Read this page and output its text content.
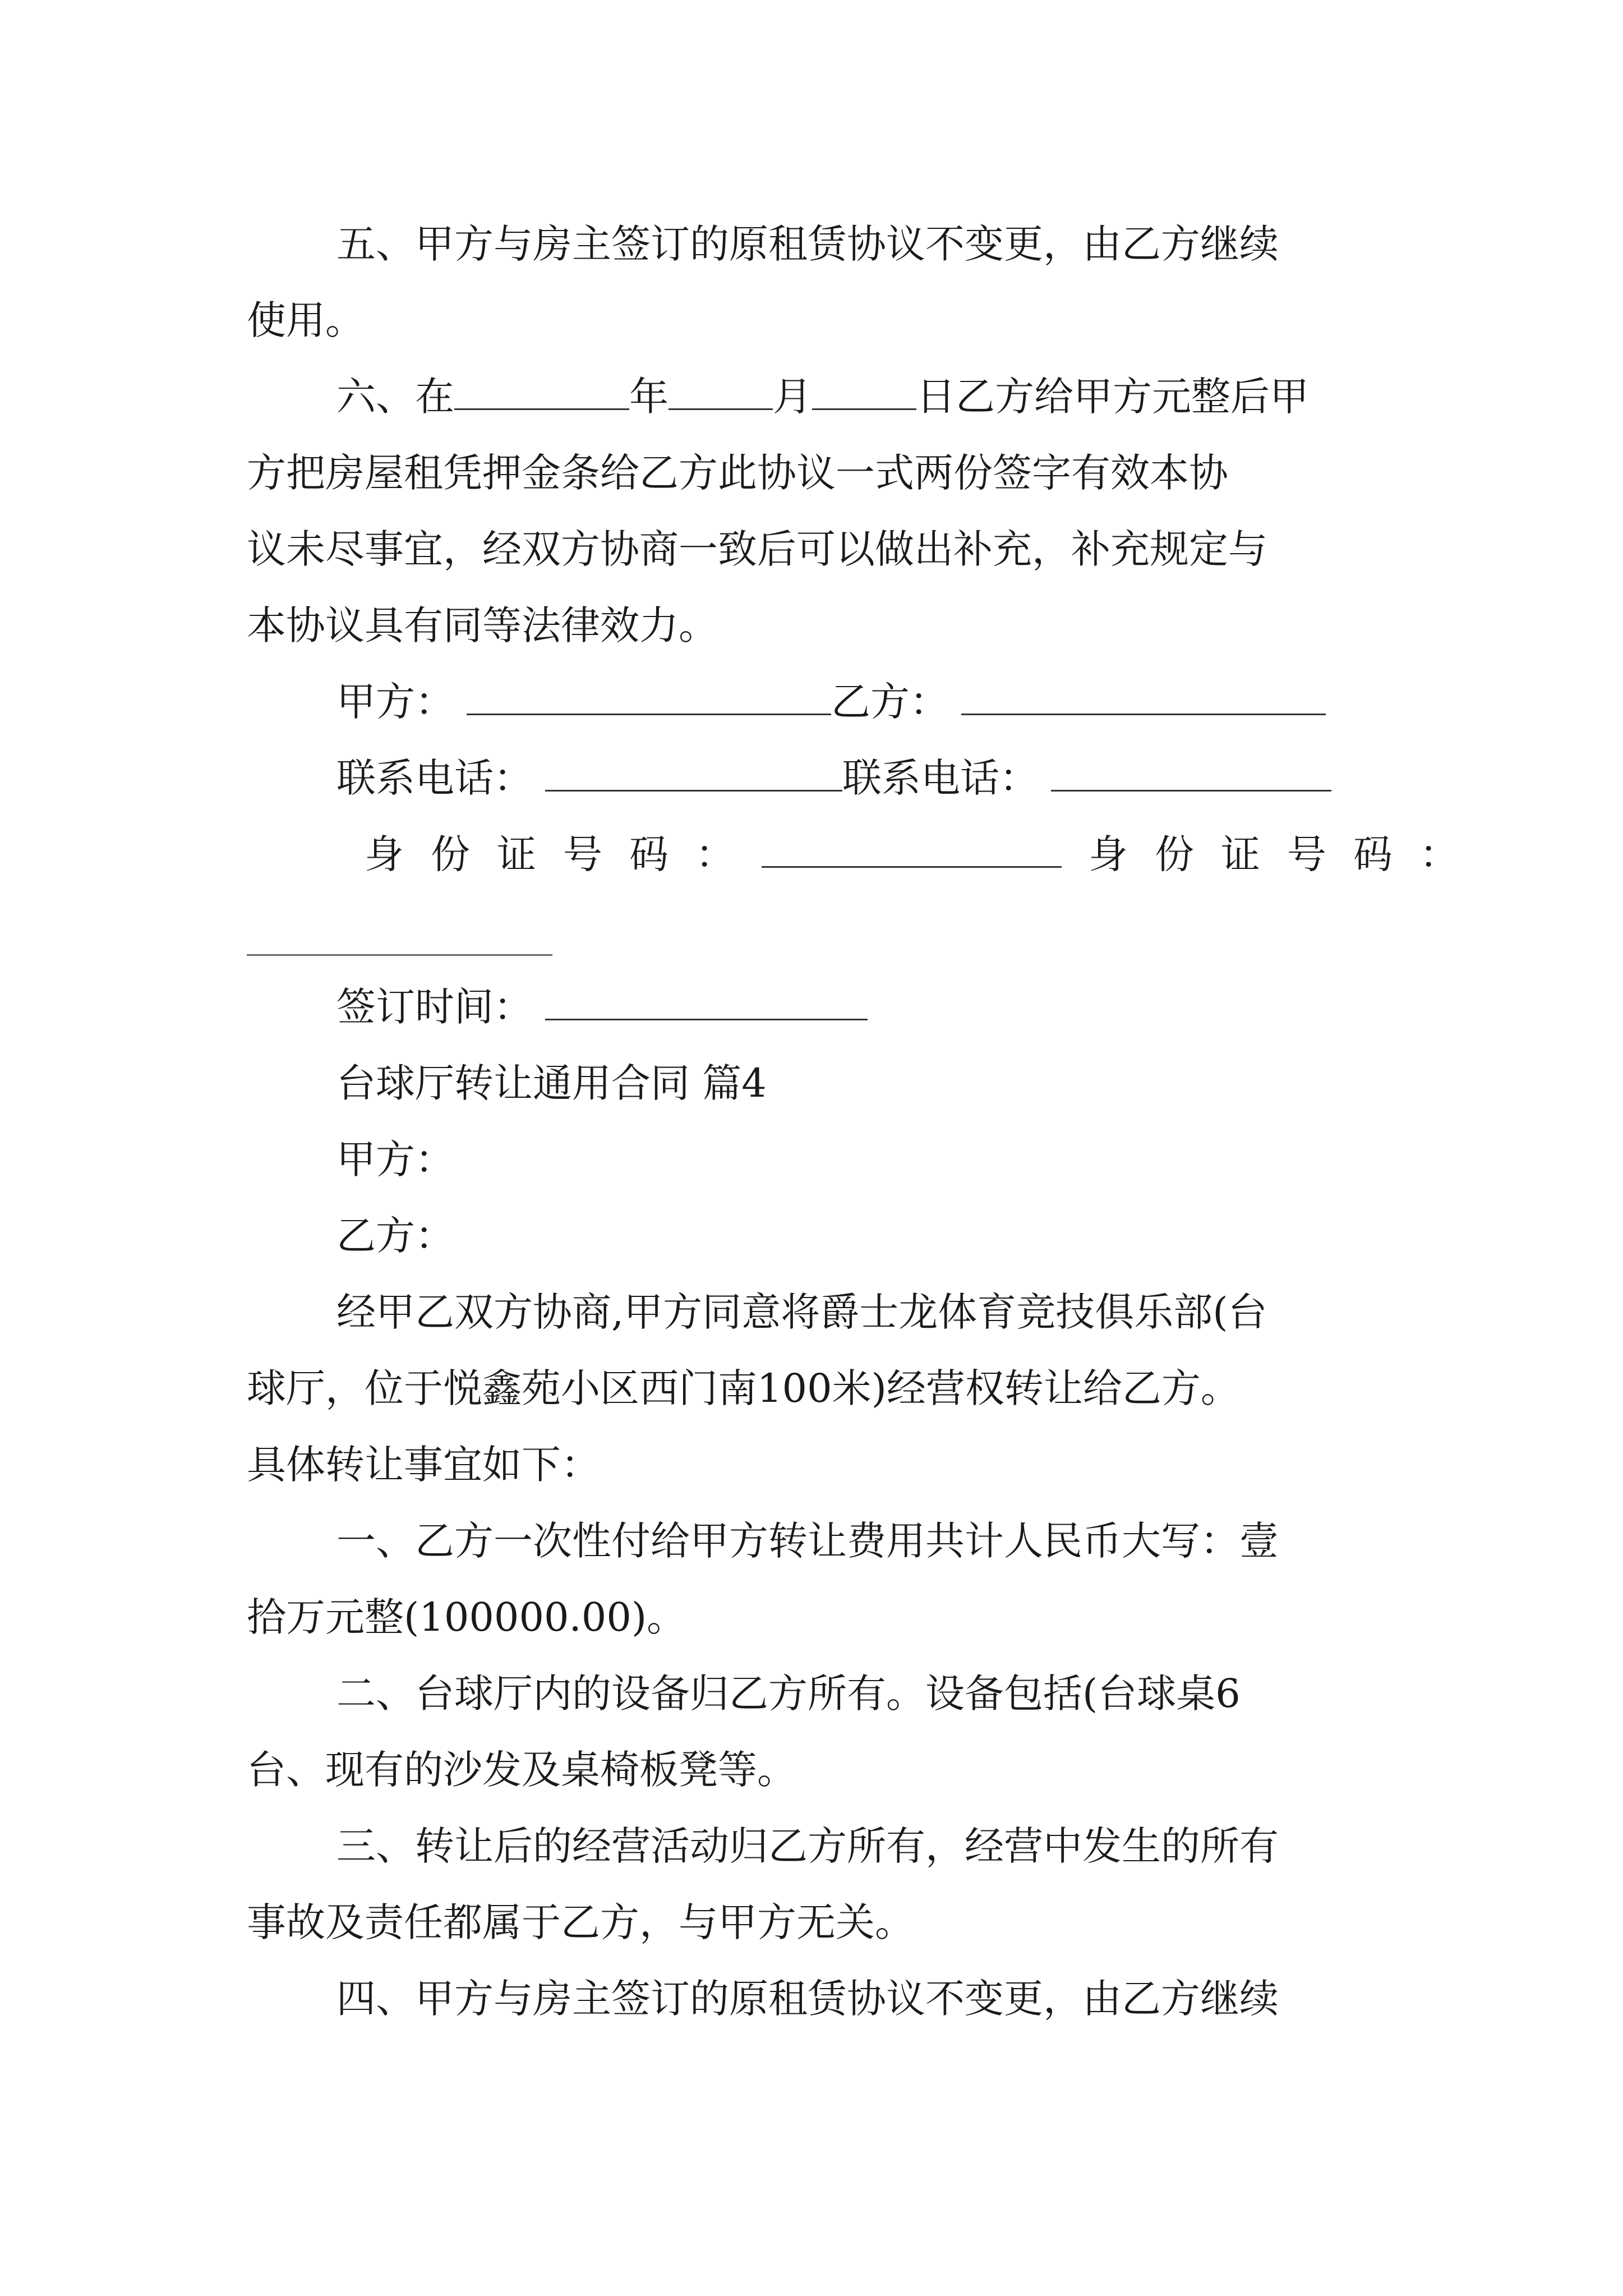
五、甲方与房主签订的原租赁协议不变更，由乙方继续
使用。
六、在	年	月	日乙方给甲方元整后甲
方把房屋租凭押金条给乙方此协议一式两份签字有效本协
议未尽事宜，经双方协商一致后可以做出补充，补充规定与
本协议具有同等法律效力。
甲方：	乙方：
联系电话：	联系电话：
身份证号码：	身份证号码：
签订时间：
台球厅转让通用合同 篇4
甲方：
乙方：
经甲乙双方协商,甲方同意将爵士龙体育竞技俱乐部(台
球厅，位于悦鑫苑小区西门南100米)经营权转让给乙方。
具体转让事宜如下：
一、乙方一次性付给甲方转让费用共计人民币大写：壹
拾万元整(100000.00)。
二、台球厅内的设备归乙方所有。设备包括(台球桌6
台、现有的沙发及桌椅板凳等。
三、转让后的经营活动归乙方所有，经营中发生的所有
事故及责任都属于乙方，与甲方无关。
四、甲方与房主签订的原租赁协议不变更，由乙方继续
